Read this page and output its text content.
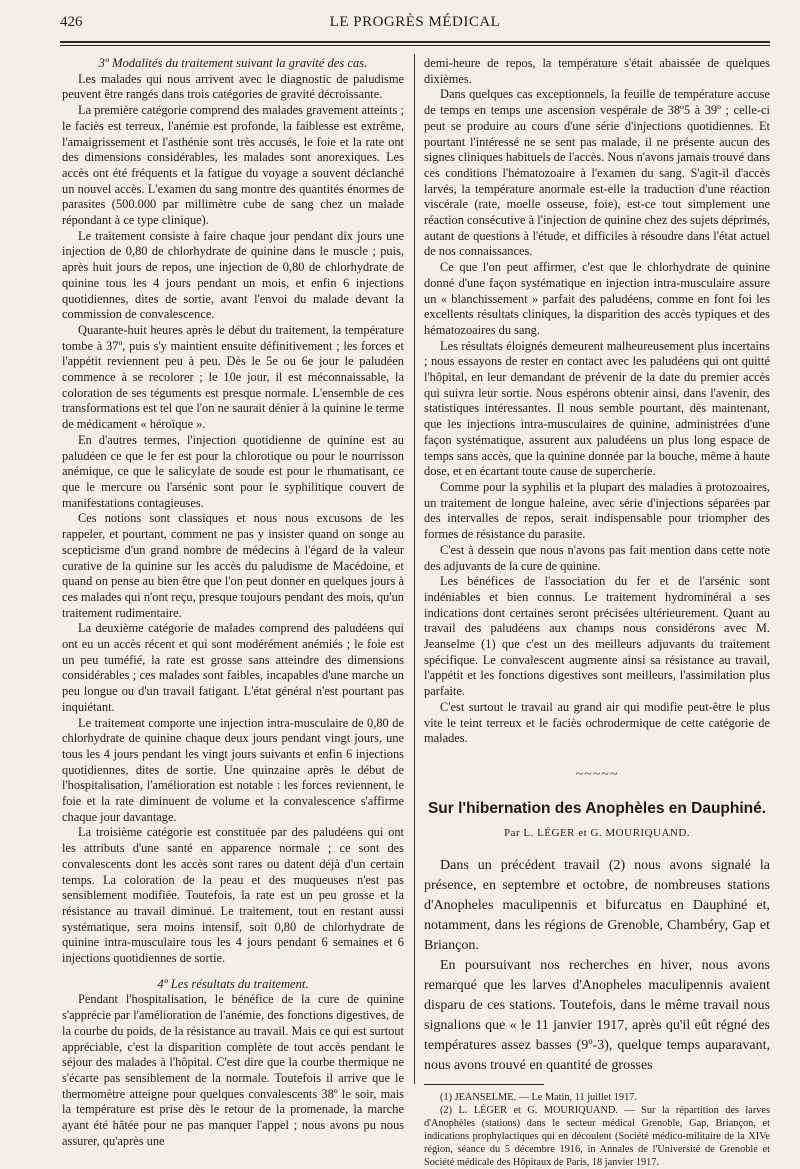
426	LE PROGRÈS MÉDICAL

3º Modalités du traitement suivant la gravité des cas.

Les malades qui nous arrivent avec le diagnostic de paludisme peuvent être rangés dans trois catégories de gravité décroissante.

La première catégorie comprend des malades gravement atteints ; le faciès est terreux, l'anémie est profonde, la faiblesse est extrême, l'amaigrissement et l'asthénie sont très accusés, le foie et la rate ont des dimensions considérables, les malades sont anorexiques. Les accès ont été fréquents et la fatigue du voyage a souvent déclanché un nouvel accès. L'examen du sang montre des quantités énormes de parasites (500.000 par millimètre cube de sang chez un malade répondant à ce type clinique).

Le traitement consiste à faire chaque jour pendant dix jours une injection de 0,80 de chlorhydrate de quinine dans le muscle ; puis, après huit jours de repos, une injection de 0,80 de chlorhydrate de quinine tous les 4 jours pendant un mois, et enfin 6 injections quotidiennes, dites de sortie, avant l'envoi du malade devant la commission de convalescence.

Quarante-huit heures après le début du traitement, la température tombe à 37º, puis s'y maintient ensuite définitivement ; les forces et l'appétit reviennent peu à peu. Dès le 5e ou 6e jour le paludéen commence à se recolorer ; le 10e jour, il est méconnaissable, la coloration de ses téguments est presque normale. L'ensemble de ces transformations est tel que l'on ne saurait dénier à la quinine le terme de médicament « héroïque ».

En d'autres termes, l'injection quotidienne de quinine est au paludéen ce que le fer est pour la chlorotique ou pour le nourrisson anémique, ce que le salicylate de soude est pour le rhumatisant, ce que le mercure ou l'arsénic sont pour le syphilitique couvert de manifestations contagieuses.

Ces notions sont classiques et nous nous excusons de les rappeler, et pourtant, comment ne pas y insister quand on songe au scepticisme d'un grand nombre de médecins à l'égard de la valeur curative de la quinine sur les accès du paludisme de Macédoine, et quand on pense au bien être que l'on peut donner en quelques jours à ces malades qui n'ont reçu, presque toujours pendant des mois, qu'un traitement rudimentaire.

La deuxième catégorie de malades comprend des paludéens qui ont eu un accès récent et qui sont modérément anémiés ; le foie est un peu tuméfié, la rate est grosse sans atteindre des dimensions considérables ; ces malades sont faibles, incapables d'une marche un peu longue ou d'un travail fatigant. L'état général n'est pourtant pas inquiétant.

Le traitement comporte une injection intra-musculaire de 0,80 de chlorhydrate de quinine chaque deux jours pendant vingt jours, une tous les 4 jours pendant les vingt jours suivants et enfin 6 injections quotidiennes, dites de sortie. Une quinzaine après le début de l'hospitalisation, l'amélioration est notable : les forces reviennent, le foie et la rate diminuent de volume et la convalescence s'affirme chaque jour davantage.

La troisième catégorie est constituée par des paludéens qui ont les attributs d'une santé en apparence normale ; ce sont des convalescents dont les accès sont rares ou datent déjà d'un certain temps. La coloration de la peau et des muqueuses n'est pas sensiblement modifiée. Toutefois, la rate est un peu grosse et la résistance au travail diminué. Le traitement, tout en restant aussi systématique, sera moins intensif, soit 0,80 de chlorhydrate de quinine intra-musculaire tous les 4 jours pendant 6 semaines et 6 injections quotidiennes de sortie.

4º Les résultats du traitement.

Pendant l'hospitalisation, le bénéfice de la cure de quinine s'apprécie par l'amélioration de l'anémie, des fonctions digestives, de la courbe du poids, de la résistance au travail. Mais ce qui est surtout appréciable, c'est la disparition complète de tout accès pendant le séjour des malades à l'hôpital. C'est dire que la courbe thermique ne s'écarte pas sensiblement de la normale. Toutefois il arrive que le thermomètre atteigne pour quelques convalescents 38º le soir, mais la température est prise dès le retour de la promenade, la marche ayant été hâtée pour ne pas manquer l'appel ; nous avons pu nous assurer, qu'après une

demi-heure de repos, la température s'était abaissée de quelques dixièmes.

Dans quelques cas exceptionnels, la feuille de température accuse de temps en temps une ascension vespérale de 38º5 à 39º ; celle-ci peut se produire au cours d'une série d'injections quotidiennes. Et pourtant l'intéressé ne se sent pas malade, il ne présente aucun des signes cliniques habituels de l'accès. Nous n'avons jamais trouvé dans ces conditions l'hématozoaire à l'examen du sang. S'agit-il d'accès larvés, la température anormale est-elle la traduction d'une réaction viscérale (rate, moelle osseuse, foie), est-ce tout simplement une réaction consécutive à l'injection de quinine chez des sujets déprimés, autant de questions à l'étude, et difficiles à résoudre dans l'état actuel de nos connaissances.

Ce que l'on peut affirmer, c'est que le chlorhydrate de quinine donné d'une façon systématique en injection intra-musculaire assure un « blanchissement » parfait des paludéens, comme en font foi les excellents résultats cliniques, la disparition des accès typiques et des hématozoaires du sang.

Les résultats éloignés demeurent malheureusement plus incertains ; nous essayons de rester en contact avec les paludéens qui ont quitté l'hôpital, en leur demandant de prévenir de la date du premier accès qui suivra leur sortie. Nous espérons obtenir ainsi, dans l'avenir, des statistiques intéressantes. Il nous semble pourtant, dès maintenant, que les injections intra-musculaires de quinine, administrées d'une façon systématique, assurent aux paludéens un plus long espace de temps sans accès, que la quinine donnée par la bouche, même à haute dose, et en écartant toute cause de supercherie.

Comme pour la syphilis et la plupart des maladies à protozoaires, un traitement de longue haleine, avec série d'injections séparées par des intervalles de repos, serait indispensable pour triompher des formes de résistance du parasite.

C'est à dessein que nous n'avons pas fait mention dans cette note des adjuvants de la cure de quinine.

Les bénéfices de l'association du fer et de l'arsénic sont indéniables et bien connus. Le traitement hydrominéral a ses indications dont certaines seront précisées ultérieurement. Quant au travail des paludéens aux champs nous considérons avec M. Jeanselme (1) que c'est un des meilleurs adjuvants du traitement spécifique. Le convalescent augmente ainsi sa résistance au travail, l'appétit et les fonctions digestives sont meilleurs, l'assimilation plus parfaite.

C'est surtout le travail au grand air qui modifie peut-être le plus vite le teint terreux et le faciès ochrodermique de cette catégorie de malades.

~~~~~
Sur l'hibernation des Anophèles en Dauphiné.
Par L. LÉGER et G. MOURIQUAND.

Dans un précédent travail (2) nous avons signalé la présence, en septembre et octobre, de nombreuses stations d'Anopheles maculipennis et bifurcatus en Dauphiné et, notamment, dans les régions de Grenoble, Chambéry, Gap et Briançon.

En poursuivant nos recherches en hiver, nous avons remarqué que les larves d'Anopheles maculipennis avaient disparu de ces stations. Toutefois, dans le même travail nous signalions que « le 11 janvier 1917, après qu'il eût régné des températures assez basses (9º-3), quelque temps auparavant, nous avons trouvé en quantité de grosses

(1) JEANSELME. — Le Matin, 11 juillet 1917.

(2) L. LÉGER et G. MOURIQUAND. — Sur la répartition des larves d'Anophèles (stations) dans le secteur médical Grenoble, Gap, Briançon, et indications prophylactiques qui en découlent (Société médico-militaire de la XIVe région, séance du 5 décembre 1916, in Annales de l'Université de Grenoble et Société médicale des Hôpitaux de Paris, 18 janvier 1917.
